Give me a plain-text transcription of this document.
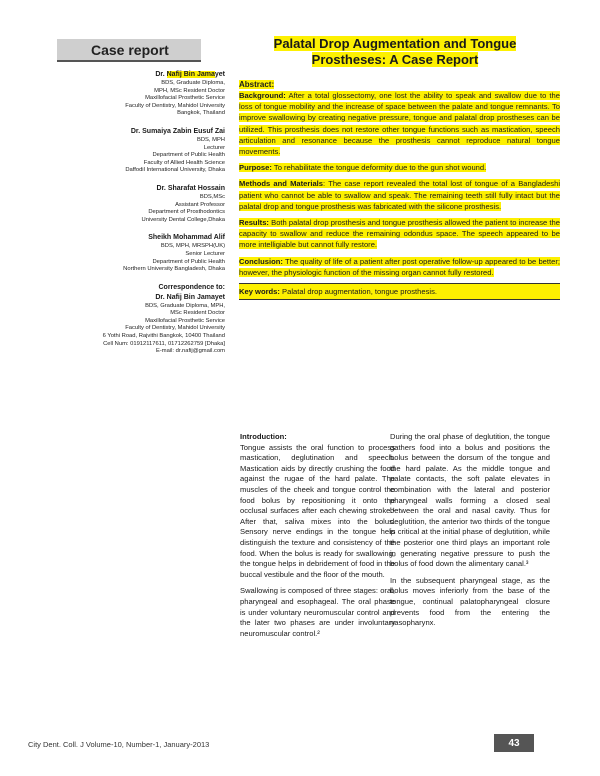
Case report	Palatal Drop Augmentation and Tongue
Prostheses: A Case Report
Dr. Nafij Bin Jamayet
BDS, Graduate Diploma,
MPH, MSc Resident Doctor
Maxillofacial Prosthetic Service
Faculty of Dentistry, Mahidol University
Bangkok, Thailand
Dr. Sumaiya Zabin Eusuf Zai
BDS, MPH
Lecturer
Department of Public Health
Faculty of Allied Health Science
Daffodil International University, Dhaka
Dr. Sharafat Hossain
BDS,MSc
Assistant Professor
Department of Prosthodontics
University Dental College,Dhaka
Sheikh Mohammad Alif
BDS, MPH, MRSPH(UK)
Senior Lecturer
Department of Public Health
Northern University Bangladesh, Dhaka
Correspondence to:
Dr. Nafij Bin Jamayet
BDS, Graduate Diploma, MPH,
MSc Resident Doctor
Maxillofacial Prosthetic Service
Faculty of Dentistry, Mahidol University
6 Yothi Road, Rajvithi Bangkok, 10400 Thailand
Cell Num: 01912117611, 01712262759 [Dhaka]
E-mail: dr.nafij@gmail.com

Abstract:

Background: After a total glossectomy, one lost the ability to speak and swallow due to the loss of tongue mobility and the increase of space between the palate and tongue remnants. To improve swallowing by creating negative pressure, tongue and palatal drop prostheses can be utilized. This prosthesis does not restore other tongue functions such as mastication, speech articulation and resonance because the prosthesis cannot reproduce natural tongue movements.

Purpose: To rehabilitate the tongue deformity due to the gun shot wound.

Methods and Materials: The case report revealed the total lost of tongue of a Bangladeshi patient who cannot be able to swallow and speak. The remaining teeth still fully intact but the palatal drop and tongue prosthesis was fabricated with the silicone prosthesis.

Results: Both palatal drop prosthesis and tongue prosthesis allowed the patient to increase the capacity to swallow and reduce the remaining odondus space. The speech appeared to be more intelligiable but cannot fully restore.

Conclusion: The quality of life of a patient after post operative follow-up appeared to be better; however, the physiologic function of the missing organ cannot fully restored.

Key words: Palatal drop augmentation, tongue prosthesis.

Introduction:

Tongue assists the oral function to process mastication, deglutination and speech. Mastication aids by directly crushing the food against the rugae of the hard palate. The muscles of the cheek and tongue control the food bolus by repositioning it onto the occlusal surfaces after each chewing stroke.¹ After that, saliva mixes into the bolus. Sensory nerve endings in the tongue help distinguish the texture and consistency of the food. When the bolus is ready for swallowing, the tongue helps in debridement of food in the buccal vestibule and the floor of the mouth.

Swallowing is composed of three stages: oral, pharyngeal and esophageal. The oral phase is under voluntary neuromuscular control and the later two phases are under involuntary neuromuscular control.²

During the oral phase of deglutition, the tongue gathers food into a bolus and positions the bolus between the dorsum of the tongue and the hard palate. As the middle tongue and palate contacts, the soft palate elevates in combination with the lateral and posterior pharyngeal walls forming a closed seal between the oral and nasal cavity. Thus for deglutition, the anterior two thirds of the tongue is critical at the initial phase of deglutition, while the posterior one third plays an important role in generating negative pressure to push the bolus of food down the alimentary canal.³

In the subsequent pharyngeal stage, as the bolus moves inferiorly from the base of the tongue, continual palatopharyngeal closure prevents food from the entering the nasopharynx.

City Dent. Coll. J Volume-10, Number-1, January-2013	43
